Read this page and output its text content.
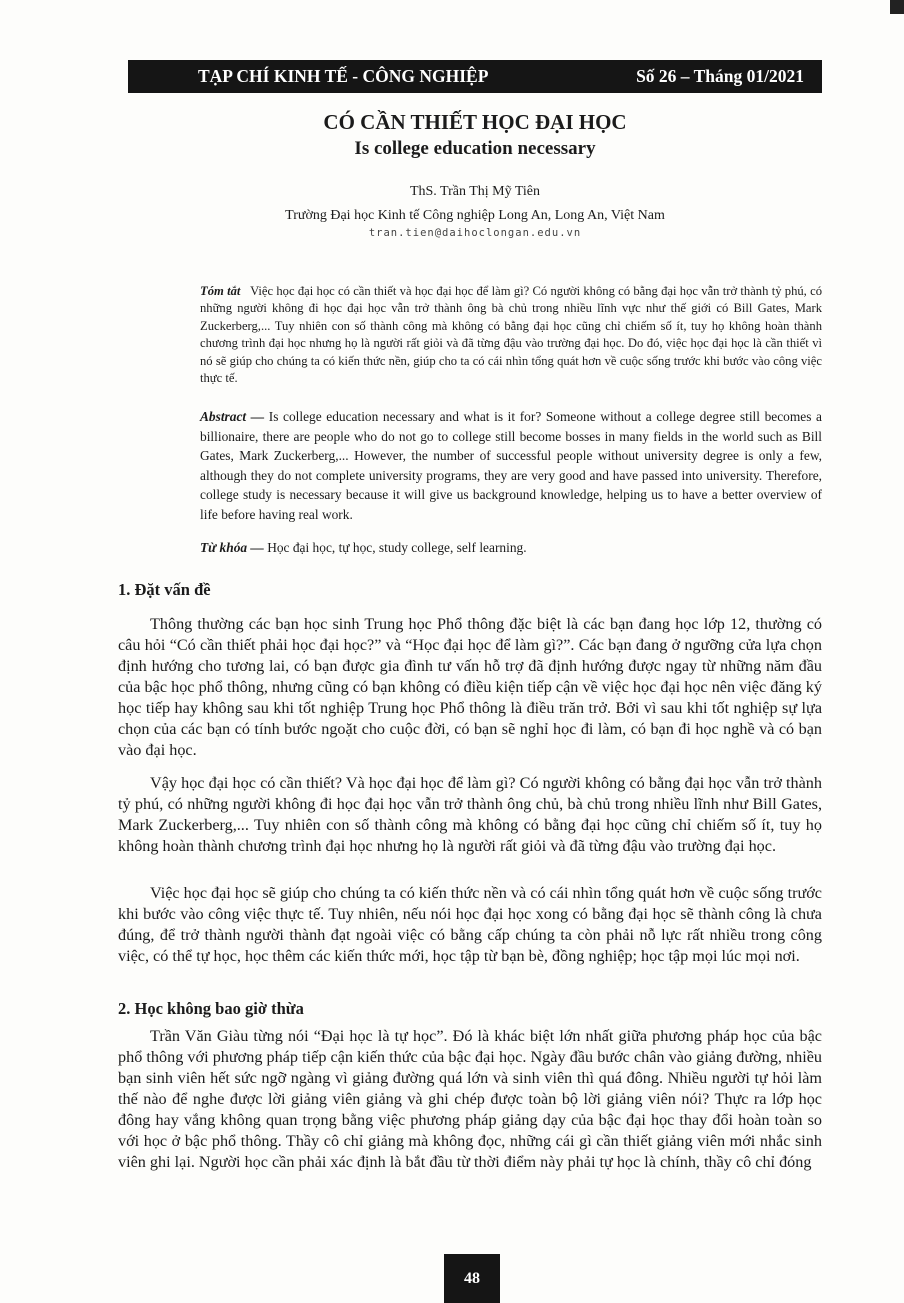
TẠP CHÍ KINH TẾ - CÔNG NGHIỆP	Số 26 – Tháng 01/2021
CÓ CẦN THIẾT HỌC ĐẠI HỌC
Is college education necessary
ThS. Trần Thị Mỹ Tiên
Trường Đại học Kinh tế Công nghiệp Long An, Long An, Việt Nam
tran.tien@daihoclongan.edu.vn
Tóm tắt Việc học đại học có cần thiết và học đại học để làm gì? Có người không có bằng đại học vẫn trở thành tỷ phú, có những người không đi học đại học vẫn trở thành ông bà chủ trong nhiều lĩnh vực như thế giới có Bill Gates, Mark Zuckerberg,... Tuy nhiên con số thành công mà không có bằng đại học cũng chỉ chiếm số ít, tuy họ không hoàn thành chương trình đại học nhưng họ là người rất giỏi và đã từng đậu vào trường đại học. Do đó, việc học đại học là cần thiết vì nó sẽ giúp cho chúng ta có kiến thức nền, giúp cho ta có cái nhìn tổng quát hơn về cuộc sống trước khi bước vào công việc thực tế.
Abstract — Is college education necessary and what is it for? Someone without a college degree still becomes a billionaire, there are people who do not go to college still become bosses in many fields in the world such as Bill Gates, Mark Zuckerberg,... However, the number of successful people without university degree is only a few, although they do not complete university programs, they are very good and have passed into university. Therefore, college study is necessary because it will give us background knowledge, helping us to have a better overview of life before having real work.
Từ khóa — Học đại học, tự học, study college, self learning.
1. Đặt vấn đề

Thông thường các bạn học sinh Trung học Phổ thông đặc biệt là các bạn đang học lớp 12, thường có câu hỏi “Có cần thiết phải học đại học?” và “Học đại học để làm gì?”. Các bạn đang ở ngưỡng cửa lựa chọn định hướng cho tương lai, có bạn được gia đình tư vấn hỗ trợ đã định hướng được ngay từ những năm đầu của bậc học phổ thông, nhưng cũng có bạn không có điều kiện tiếp cận về việc học đại học nên việc đăng ký học tiếp hay không sau khi tốt nghiệp Trung học Phổ thông là điều trăn trở. Bởi vì sau khi tốt nghiệp sự lựa chọn của các bạn có tính bước ngoặt cho cuộc đời, có bạn sẽ nghỉ học đi làm, có bạn đi học nghề và có bạn vào đại học.

Vậy học đại học có cần thiết? Và học đại học để làm gì? Có người không có bằng đại học vẫn trở thành tỷ phú, có những người không đi học đại học vẫn trở thành ông chủ, bà chủ trong nhiều lĩnh như Bill Gates, Mark Zuckerberg,... Tuy nhiên con số thành công mà không có bằng đại học cũng chỉ chiếm số ít, tuy họ không hoàn thành chương trình đại học nhưng họ là người rất giỏi và đã từng đậu vào trường đại học.

Việc học đại học sẽ giúp cho chúng ta có kiến thức nền và có cái nhìn tổng quát hơn về cuộc sống trước khi bước vào công việc thực tế. Tuy nhiên, nếu nói học đại học xong có bằng đại học sẽ thành công là chưa đúng, để trở thành người thành đạt ngoài việc có bằng cấp chúng ta còn phải nỗ lực rất nhiều trong công việc, có thể tự học, học thêm các kiến thức mới, học tập từ bạn bè, đồng nghiệp; học tập mọi lúc mọi nơi.

2. Học không bao giờ thừa

Trần Văn Giàu từng nói “Đại học là tự học”. Đó là khác biệt lớn nhất giữa phương pháp học của bậc phổ thông với phương pháp tiếp cận kiến thức của bậc đại học. Ngày đầu bước chân vào giảng đường, nhiều bạn sinh viên hết sức ngỡ ngàng vì giảng đường quá lớn và sinh viên thì quá đông. Nhiều người tự hỏi làm thế nào để nghe được lời giảng viên giảng và ghi chép được toàn bộ lời giảng viên nói? Thực ra lớp học đông hay vắng không quan trọng bằng việc phương pháp giảng dạy của bậc đại học thay đổi hoàn toàn so với học ở bậc phổ thông. Thầy cô chỉ giảng mà không đọc, những cái gì cần thiết giảng viên mới nhắc sinh viên ghi lại. Người học cần phải xác định là bắt đầu từ thời điểm này phải tự học là chính, thầy cô chỉ đóng

48
